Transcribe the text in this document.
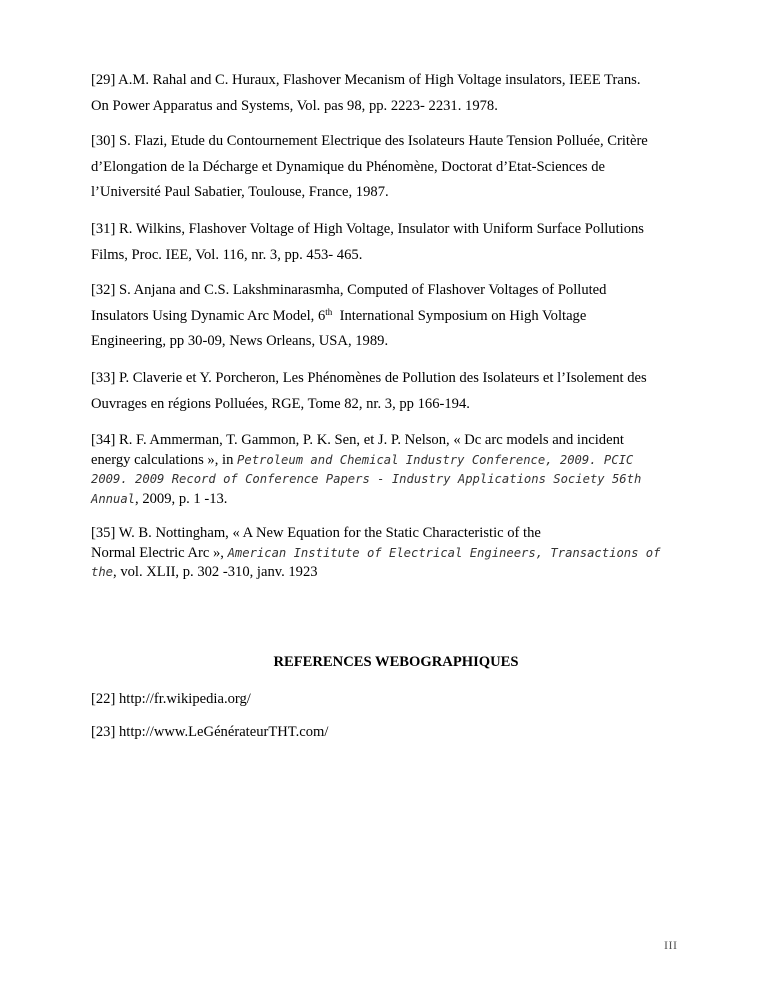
[29] A.M. Rahal and C. Huraux, Flashover Mecanism of High Voltage insulators, IEEE Trans.
On Power Apparatus and Systems, Vol. pas 98, pp. 2223- 2231. 1978.
[30] S. Flazi, Etude du Contournement Electrique des Isolateurs Haute Tension Polluée, Critère
d’Elongation de la Décharge et Dynamique du Phénomène, Doctorat d’Etat-Sciences de
l’Université Paul Sabatier, Toulouse, France, 1987.
[31] R. Wilkins, Flashover Voltage of High Voltage, Insulator with Uniform Surface Pollutions
Films, Proc. IEE, Vol. 116, nr. 3, pp. 453- 465.
[32] S. Anjana and C.S. Lakshminarasmha, Computed of Flashover Voltages of Polluted
Insulators Using Dynamic Arc Model, 6th  International Symposium on High Voltage
Engineering, pp 30-09, News Orleans, USA, 1989.
[33] P. Claverie et Y. Porcheron, Les Phénomènes de Pollution des Isolateurs et l’Isolement des
Ouvrages en régions Polluées, RGE, Tome 82, nr. 3, pp 166-194.
[34] R. F. Ammerman, T. Gammon, P. K. Sen, et J. P. Nelson, « Dc arc models and incident
energy calculations », in Petroleum and Chemical Industry Conference, 2009. PCIC
2009. 2009 Record of Conference Papers - Industry Applications Society 56th
Annual, 2009, p. 1 -13.
[35] W. B. Nottingham, « A New Equation for the Static Characteristic of the
Normal Electric Arc », American Institute of Electrical Engineers, Transactions of
the, vol. XLII, p. 302 -310, janv. 1923
REFERENCES WEBOGRAPHIQUES
[22] http://fr.wikipedia.org/
[23] http://www.LeGénérateurTHT.com/
III
